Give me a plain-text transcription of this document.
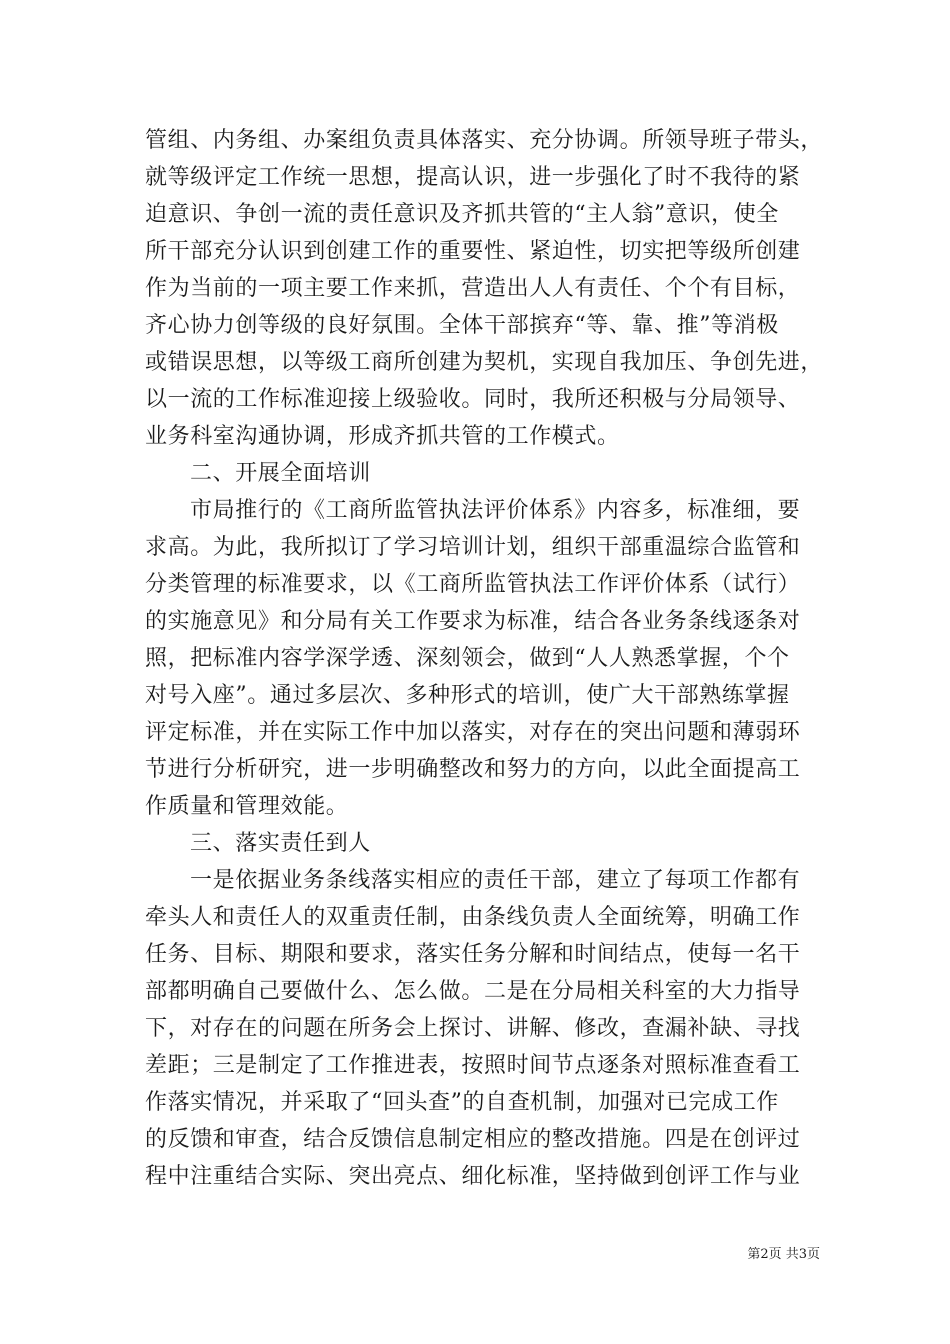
管组、内务组、办案组负责具体落实、充分协调。所领导班子带头，
就等级评定工作统一思想，提高认识，进一步强化了时不我待的紧
迫意识、争创一流的责任意识及齐抓共管的“主人翁”意识，使全
所干部充分认识到创建工作的重要性、紧迫性，切实把等级所创建
作为当前的一项主要工作来抓，营造出人人有责任、个个有目标，
齐心协力创等级的良好氛围。全体干部摈弃“等、靠、推”等消极
或错误思想，以等级工商所创建为契机，实现自我加压、争创先进，
以一流的工作标准迎接上级验收。同时，我所还积极与分局领导、
业务科室沟通协调，形成齐抓共管的工作模式。
二、开展全面培训
市局推行的《工商所监管执法评价体系》内容多，标准细，要
求高。为此，我所拟订了学习培训计划，组织干部重温综合监管和
分类管理的标准要求，以《工商所监管执法工作评价体系（试行）
的实施意见》和分局有关工作要求为标准，结合各业务条线逐条对
照，把标准内容学深学透、深刻领会，做到“人人熟悉掌握，个个
对号入座”。通过多层次、多种形式的培训，使广大干部熟练掌握
评定标准，并在实际工作中加以落实，对存在的突出问题和薄弱环
节进行分析研究，进一步明确整改和努力的方向，以此全面提高工
作质量和管理效能。
三、落实责任到人
一是依据业务条线落实相应的责任干部，建立了每项工作都有
牵头人和责任人的双重责任制，由条线负责人全面统筹，明确工作
任务、目标、期限和要求，落实任务分解和时间结点，使每一名干
部都明确自己要做什么、怎么做。二是在分局相关科室的大力指导
下，对存在的问题在所务会上探讨、讲解、修改，查漏补缺、寻找
差距；三是制定了工作推进表，按照时间节点逐条对照标准查看工
作落实情况，并采取了“回头查”的自查机制，加强对已完成工作
的反馈和审查，结合反馈信息制定相应的整改措施。四是在创评过
程中注重结合实际、突出亮点、细化标准，坚持做到创评工作与业
第2页 共3页
